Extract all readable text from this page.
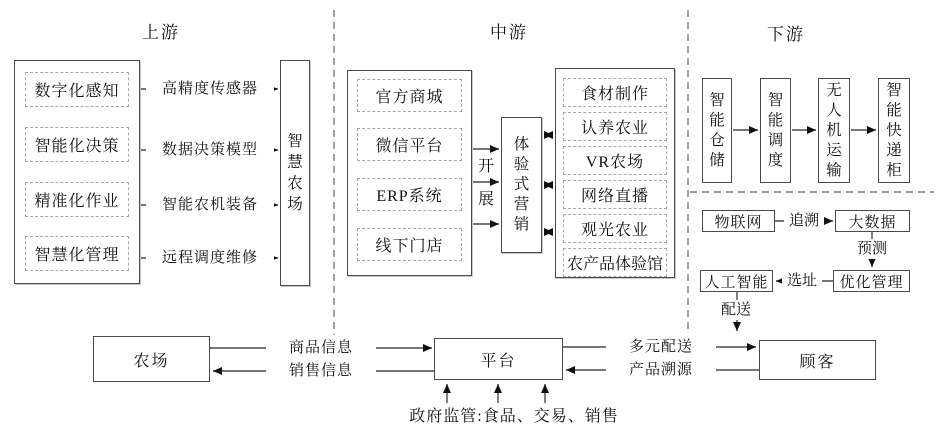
上游
数字化感知
智能化决策
精准化作业
智慧化管理
高精度传感器
数据决策模型
智能农机装备
远程调度维修
智慧农场
中游
官方商城
微信平台
ERP系统
线下门店
开展
体验式营销
食材制作
认养农业
VR农场
网络直播
观光农业
农产品体验馆
下游
智能仓储
智能调度
无人机运输
智能快递柜
物联网	大数据
优化管理
人工智能
追溯
预测
选址
配送
农场	平台	顾客
商品信息
销售信息
多元配送
产品溯源
政府监管:食品、交易、销售
